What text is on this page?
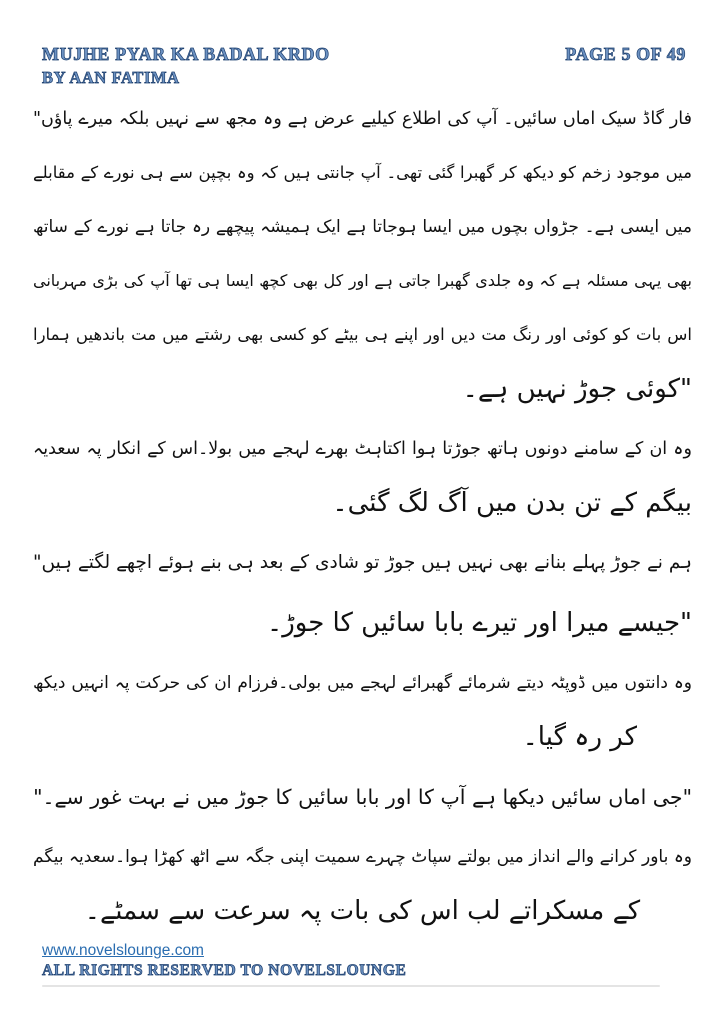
MUJHE PYAR KA BADAL KRDO	PAGE 5 OF 49
BY AAN FATIMA
فار گاڈ سیک اماں سائیں۔ آپ کی اطلاع کیلیے عرض ہے وہ مجھ سے نہیں بلکہ میرے پاؤں"
میں موجود زخم کو دیکھ کر گھبرا گئی تھی۔ آپ جانتی ہیں کہ وہ بچپن سے ہی نورے کے مقابلے
میں ایسی ہے۔ جڑواں بچوں میں ایسا ہوجاتا ہے ایک ہمیشہ پیچھے رہ جاتا ہے نورے کے ساتھ
بھی یہی مسئلہ ہے کہ وہ جلدی گھبرا جاتی ہے اور کل بھی کچھ ایسا ہی تھا آپ کی بڑی مہربانی
اس بات کو کوئی اور رنگ مت دیں اور اپنے ہی بیٹے کو کسی بھی رشتے میں مت باندھیں ہمارا
"کوئی جوڑ نہیں ہے۔
وہ ان کے سامنے دونوں ہاتھ جوڑتا ہوا اکتاہٹ بھرے لہجے میں بولا۔اس کے انکار پہ سعدیہ
بیگم کے تن بدن میں آگ لگ گئی۔
ہم نے جوڑ پہلے بنانے بھی نہیں ہیں جوڑ تو شادی کے بعد ہی بنے ہوئے اچھے لگتے ہیں"
"جیسے میرا اور تیرے بابا سائیں کا جوڑ۔
وہ دانتوں میں ڈوپٹہ دیتے شرمائے گھبرائے لہجے میں بولی۔فرزام ان کی حرکت پہ انہیں دیکھ
کر رہ گیا۔
"جی اماں سائیں دیکھا ہے آپ کا اور بابا سائیں کا جوڑ میں نے بہت غور سے۔"
وہ باور کرانے والے انداز میں بولتے سپاٹ چہرے سمیت اپنی جگہ سے اٹھ کھڑا ہوا۔سعدیہ بیگم
کے مسکراتے لب اس کی بات پہ سرعت سے سمٹے۔
www.novelslounge.com
ALL RIGHTS RESERVED TO NOVELSLOUNGE
